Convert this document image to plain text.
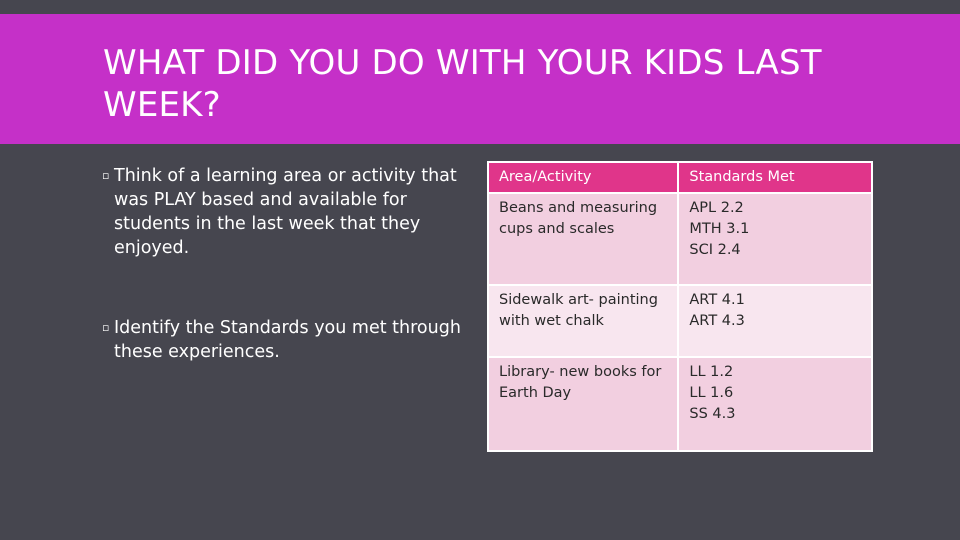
WHAT DID YOU DO WITH YOUR KIDS LAST WEEK?
▫ Think of a learning area or activity that was PLAY based and available for students in the last week that they enjoyed.
▫ Identify the Standards you met through these experiences.
Area/Activity	Standards Met
Beans and measuring cups and scales	APL 2.2
MTH 3.1
SCI 2.4

Sidewalk art- painting with wet chalk	ART 4.1
ART 4.3

Library- new books for Earth Day	LL 1.2
LL 1.6
SS 4.3
